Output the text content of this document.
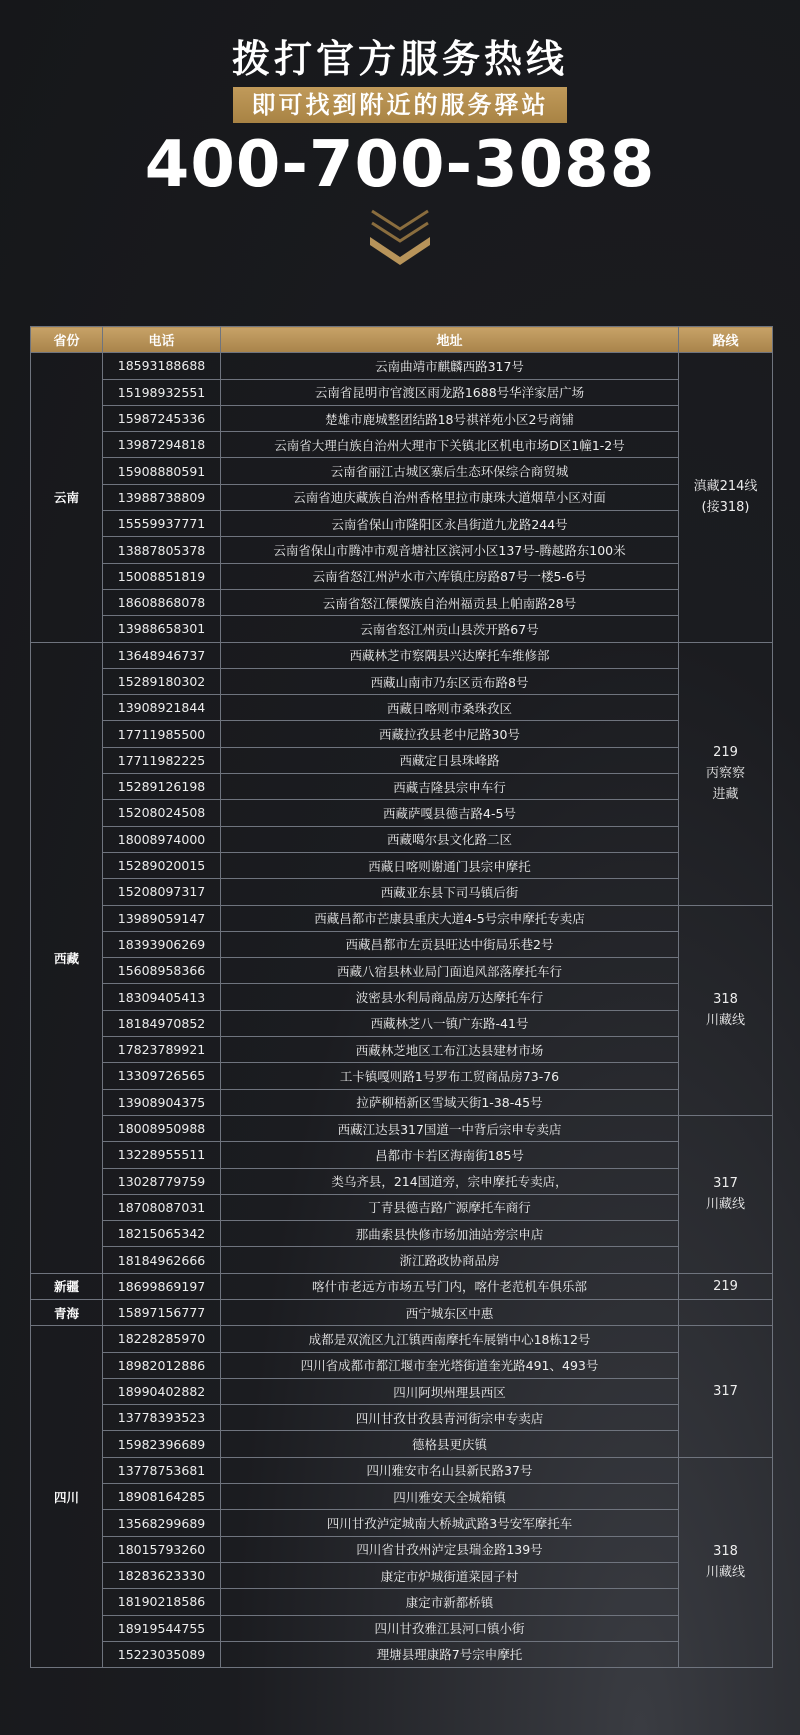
拨打官方服务热线
即可找到附近的服务驿站
400-700-3088
省份	电话	地址	路线
云南	18593188688	云南曲靖市麒麟西路317号	滇藏214线
(接318)
	15198932551	云南省昆明市官渡区雨龙路1688号华洋家居广场	
	15987245336	楚雄市鹿城整团结路18号祺祥苑小区2号商铺	
	13987294818	云南省大理白族自治州大理市下关镇北区机电市场D区1幢1-2号	
	15908880591	云南省丽江古城区寨后生态环保综合商贸城	
	13988738809	云南省迪庆藏族自治州香格里拉市康珠大道烟草小区对面	
	15559937771	云南省保山市隆阳区永昌街道九龙路244号	
	13887805378	云南省保山市腾冲市观音塘社区滨河小区137号-腾越路东100米	
	15008851819	云南省怒江州泸水市六库镇庄房路87号一楼5-6号	
	18608868078	云南省怒江傈僳族自治州福贡县上帕南路28号	
	13988658301	云南省怒江州贡山县茨开路67号	
西藏	13648946737	西藏林芝市察隅县兴达摩托车维修部	219
丙察察
进藏
	15289180302	西藏山南市乃东区贡布路8号	
	13908921844	西藏日喀则市桑珠孜区	
	17711985500	西藏拉孜县老中尼路30号	
	17711982225	西藏定日县珠峰路	
	15289126198	西藏吉隆县宗申车行	
	15208024508	西藏萨嘎县德吉路4-5号	
	18008974000	西藏噶尔县文化路二区	
	15289020015	西藏日喀则谢通门县宗申摩托	
	15208097317	西藏亚东县下司马镇后街	
	13989059147	西藏昌都市芒康县重庆大道4-5号宗申摩托专卖店	318
川藏线
	18393906269	西藏昌都市左贡县旺达中街局乐巷2号	
	15608958366	西藏八宿县林业局门面追风部落摩托车行	
	18309405413	波密县水利局商品房万达摩托车行	
	18184970852	西藏林芝八一镇广东路-41号	
	17823789921	西藏林芝地区工布江达县建材市场	
	13309726565	工卡镇嘎则路1号罗布工贸商品房73-76	
	13908904375	拉萨柳梧新区雪域天街1-38-45号	
	18008950988	西藏江达县317国道一中背后宗申专卖店	317
川藏线
	13228955511	昌都市卡若区海南街185号	
	13028779759	类乌齐县，214国道旁，宗申摩托专卖店，	
	18708087031	丁青县德吉路广源摩托车商行	
	18215065342	那曲索县快修市场加油站旁宗申店	
	18184962666	浙江路政协商品房	
新疆	18699869197	喀什市老远方市场五号门内，喀什老范机车俱乐部	219
青海	15897156777	西宁城东区中惠	
四川	18228285970	成都是双流区九江镇西南摩托车展销中心18栋12号	317
	18982012886	四川省成都市都江堰市奎光塔街道奎光路491、493号	
	18990402882	四川阿坝州理县西区	
	13778393523	四川甘孜甘孜县青河街宗申专卖店	
	15982396689	德格县更庆镇	
	13778753681	四川雅安市名山县新民路37号	318
川藏线
	18908164285	四川雅安天全城箱镇	
	13568299689	四川甘孜泸定城南大桥城武路3号安军摩托车	
	18015793260	四川省甘孜州泸定县瑞金路139号	
	18283623330	康定市炉城街道菜园子村	
	18190218586	康定市新都桥镇	
	18919544755	四川甘孜雅江县河口镇小街	
	15223035089	理塘县理康路7号宗申摩托	
